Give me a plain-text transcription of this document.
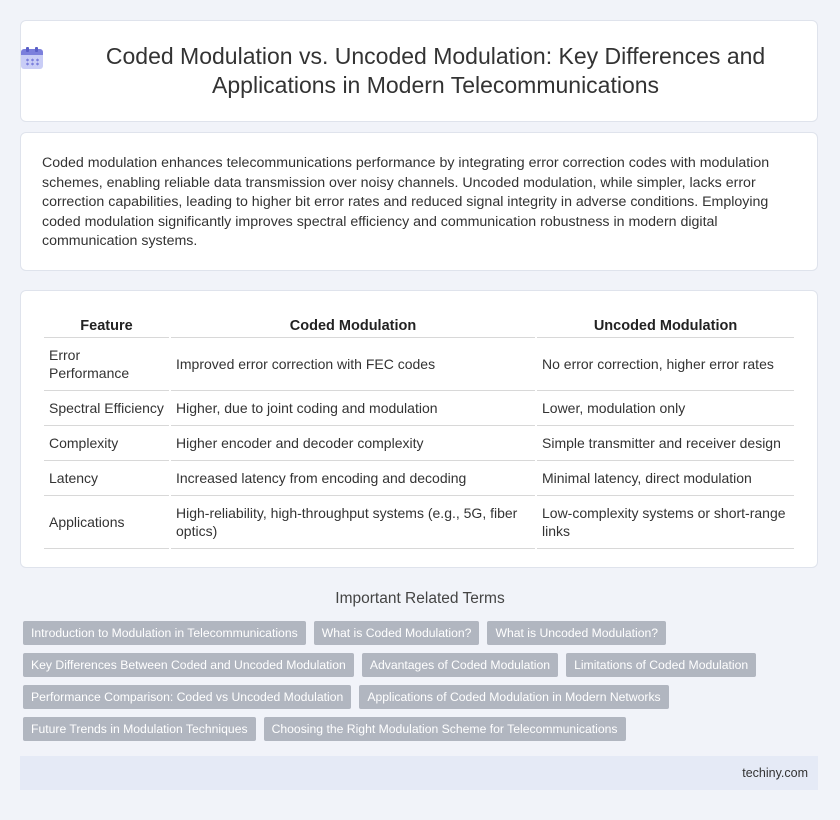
Coded Modulation vs. Uncoded Modulation: Key Differences and Applications in Modern Telecommunications

Coded modulation enhances telecommunications performance by integrating error correction codes with modulation schemes, enabling reliable data transmission over noisy channels. Uncoded modulation, while simpler, lacks error correction capabilities, leading to higher bit error rates and reduced signal integrity in adverse conditions. Employing coded modulation significantly improves spectral efficiency and communication robustness in modern digital communication systems.

Feature	Coded Modulation	Uncoded Modulation
Error Performance	Improved error correction with FEC codes	No error correction, higher error rates
Spectral Efficiency	Higher, due to joint coding and modulation	Lower, modulation only
Complexity	Higher encoder and decoder complexity	Simple transmitter and receiver design
Latency	Increased latency from encoding and decoding	Minimal latency, direct modulation
Applications	High-reliability, high-throughput systems (e.g., 5G, fiber optics)	Low-complexity systems or short-range links
Important Related Terms
Introduction to Modulation in Telecommunications	What is Coded Modulation?	What is Uncoded Modulation?
Key Differences Between Coded and Uncoded Modulation	Advantages of Coded Modulation	Limitations of Coded Modulation
Performance Comparison: Coded vs Uncoded Modulation	Applications of Coded Modulation in Modern Networks
Future Trends in Modulation Techniques	Choosing the Right Modulation Scheme for Telecommunications
techiny.com
